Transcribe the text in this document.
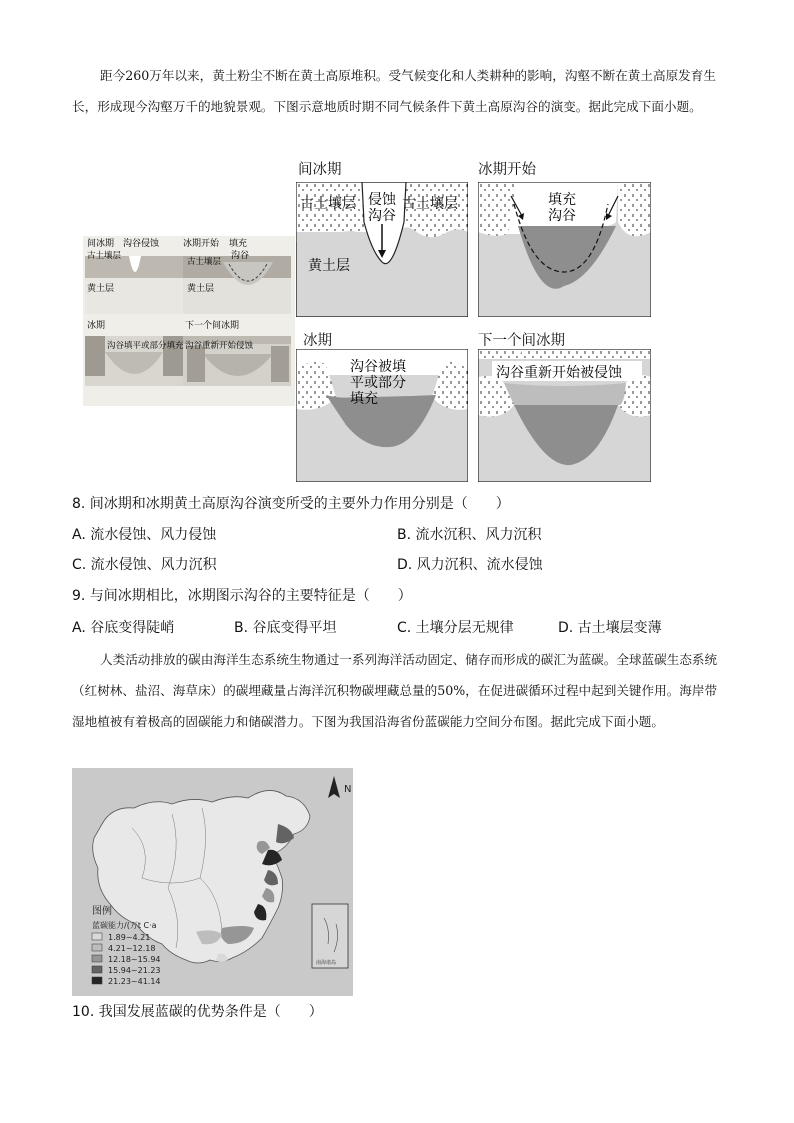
距今260万年以来，黄土粉尘不断在黄土高原堆积。受气候变化和人类耕种的影响，沟壑不断在黄土高原发育生长，形成现今沟壑万千的地貌景观。下图示意地质时期不同气候条件下黄土高原沟谷的演变。据此完成下面小题。
间冰期 沟谷侵蚀
古土壤层
冰期开始 填充
沟谷
古土壤层
黄土层	黄土层
冰期	下一个间冰期
沟谷填平或部分填充 沟谷重新开始侵蚀
间冰期
古土壤层	古土壤层
侵蚀
沟谷
黄土层
冰期开始
填充
沟谷
冰期
沟谷被填
平或部分
填充
下一个间冰期
沟谷重新开始被侵蚀
8. 间冰期和冰期黄土高原沟谷演变所受的主要外力作用分别是（　　）
A. 流水侵蚀、风力侵蚀	B. 流水沉积、风力沉积
C. 流水侵蚀、风力沉积	D. 风力沉积、流水侵蚀
9. 与间冰期相比，冰期图示沟谷的主要特征是（　　）
A. 谷底变得陡峭	B. 谷底变得平坦	C. 土壤分层无规律	D. 古土壤层变薄
人类活动排放的碳由海洋生态系统生物通过一系列海洋活动固定、储存而形成的碳汇为蓝碳。全球蓝碳生态系统（红树林、盐沼、海草床）的碳埋藏量占海洋沉积物碳埋藏总量的50%，在促进碳循环过程中起到关键作用。海岸带湿地植被有着极高的固碳能力和储碳潜力。下图为我国沿海省份蓝碳能力空间分布图。据此完成下面小题。
N
南海诸岛
图例
蓝碳能力/(万t C·a
1.89~4.21
4.21~12.18
12.18~15.94
15.94~21.23
21.23~41.14
10. 我国发展蓝碳的优势条件是（　　）
